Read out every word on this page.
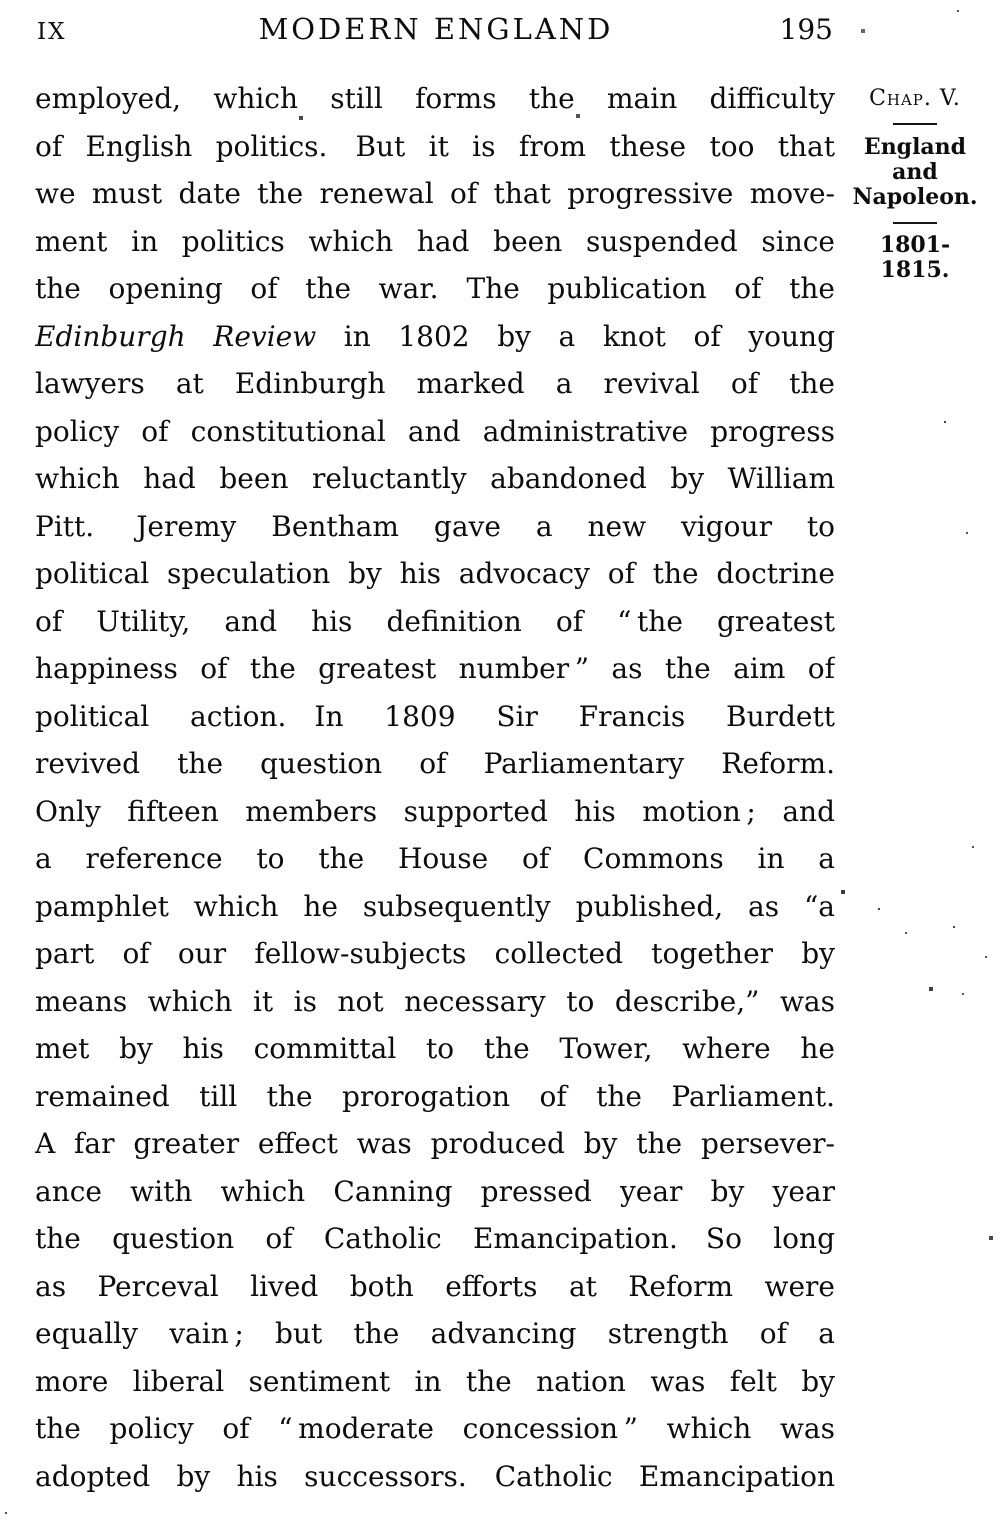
IX	MODERN ENGLAND	195
employed, which still forms the main difficulty
of English politics. But it is from these too that
we must date the renewal of that progressive move-
ment in politics which had been suspended since
the opening of the war. The publication of the
Edinburgh Review in 1802 by a knot of young
lawyers at Edinburgh marked a revival of the
policy of constitutional and administrative progress
which had been reluctantly abandoned by William
Pitt.  Jeremy Bentham gave a new vigour to
political speculation by his advocacy of the doctrine
of Utility, and his definition of “ the greatest
happiness of the greatest number ” as the aim of
political action. In 1809 Sir Francis Burdett
revived the question of Parliamentary Reform.
Only fifteen members supported his motion ; and
a reference to the House of Commons in a
pamphlet which he subsequently published, as “a
part of our fellow-subjects collected together by
means which it is not necessary to describe,” was
met by his committal to the Tower, where he
remained till the prorogation of the Parliament.
A far greater effect was produced by the persever-
ance with which Canning pressed year by year
the question of Catholic Emancipation. So long
as Perceval lived both efforts at Reform were
equally vain ; but the advancing strength of a
more liberal sentiment in the nation was felt by
the policy of “ moderate concession ” which was
adopted by his successors. Catholic Emancipation
Chap. V.
England
and
Napoleon.
1801-1815.
